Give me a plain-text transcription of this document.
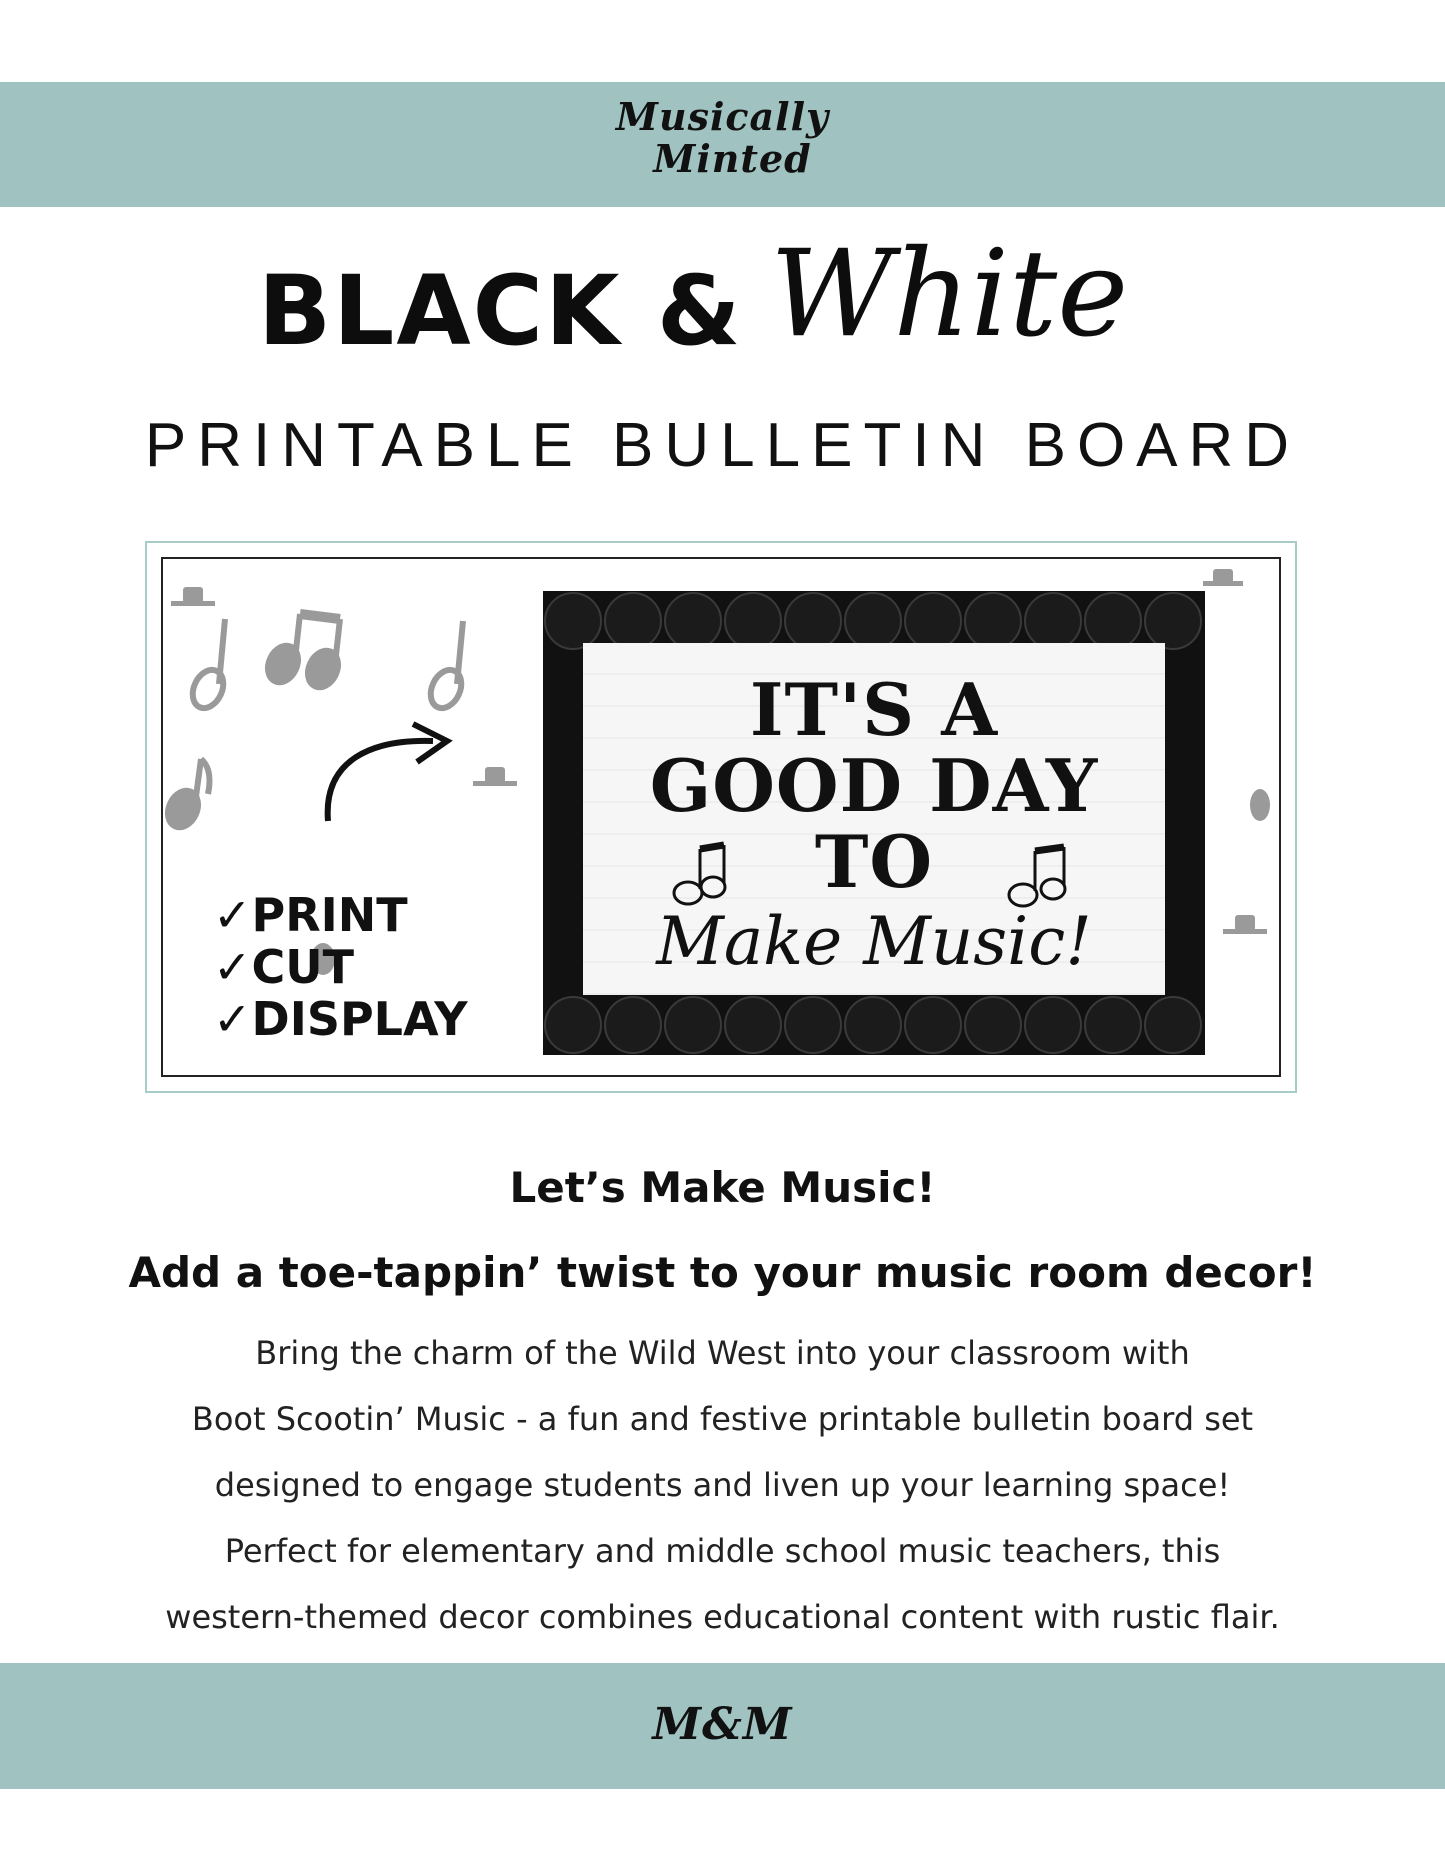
Musically
Minted
BLACK & White
PRINTABLE BULLETIN BOARD
✓PRINT
✓CUT
✓DISPLAY
IT'S A
GOOD DAY
TO
Make Music!
Let’s Make Music!
Add a toe-tappin’ twist to your music room decor!
Bring the charm of the Wild West into your classroom with
Boot Scootin’ Music - a fun and festive printable bulletin board set
designed to engage students and liven up your learning space!
Perfect for elementary and middle school music teachers, this
western-themed decor combines educational content with rustic flair.
M&M
